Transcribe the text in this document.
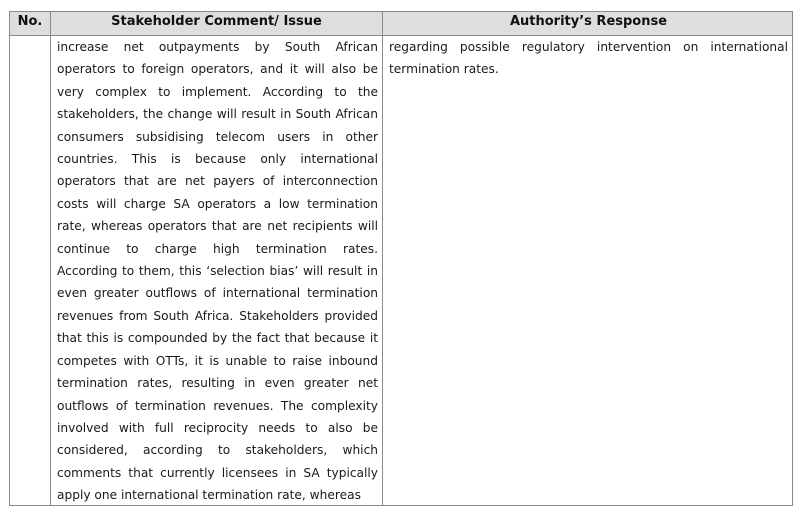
No.	Stakeholder Comment/ Issue	Authority’s Response
increase net outpayments by South African operators to foreign operators, and it will also be very complex to implement. According to the stakeholders, the change will result in South African consumers subsidising telecom users in other countries. This is because only international operators that are net payers of interconnection costs will charge SA operators a low termination rate, whereas operators that are net recipients will continue to charge high termination rates. According to them, this ‘selection bias’ will result in even greater outflows of international termination revenues from South Africa. Stakeholders provided that this is compounded by the fact that because it competes with OTTs, it is unable to raise inbound termination rates, resulting in even greater net outflows of termination revenues. The complexity involved with full reciprocity needs to also be considered, according to stakeholders, which comments that currently licensees in SA typically apply one international termination rate, whereas
regarding possible regulatory intervention on international termination rates.
